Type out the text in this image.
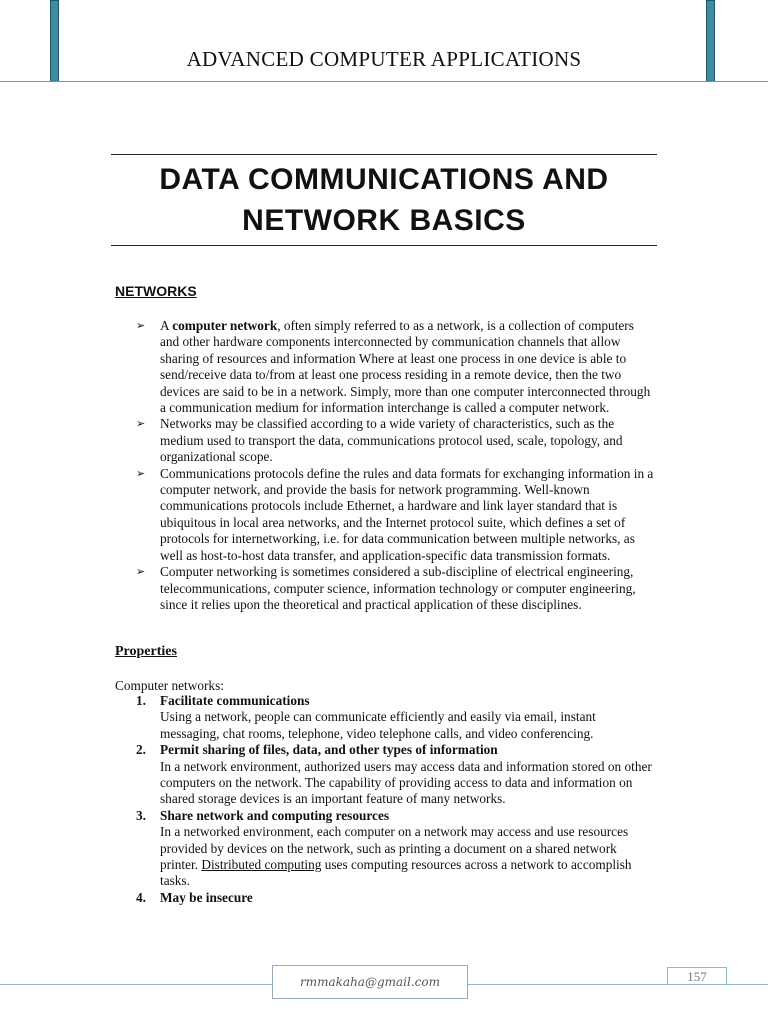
ADVANCED COMPUTER APPLICATIONS
DATA COMMUNICATIONS AND
NETWORK BASICS
NETWORKS
➢ A computer network, often simply referred to as a network, is a collection of computers and other hardware components interconnected by communication channels that allow sharing of resources and information Where at least one process in one device is able to send/receive data to/from at least one process residing in a remote device, then the two devices are said to be in a network. Simply, more than one computer interconnected through a communication medium for information interchange is called a computer network.
➢ Networks may be classified according to a wide variety of characteristics, such as the medium used to transport the data, communications protocol used, scale, topology, and organizational scope.
➢ Communications protocols define the rules and data formats for exchanging information in a computer network, and provide the basis for network programming. Well-known communications protocols include Ethernet, a hardware and link layer standard that is ubiquitous in local area networks, and the Internet protocol suite, which defines a set of protocols for internetworking, i.e. for data communication between multiple networks, as well as host-to-host data transfer, and application-specific data transmission formats.
➢ Computer networking is sometimes considered a sub-discipline of electrical engineering, telecommunications, computer science, information technology or computer engineering, since it relies upon the theoretical and practical application of these disciplines.
Properties
Computer networks:
1. Facilitate communications
Using a network, people can communicate efficiently and easily via email, instant messaging, chat rooms, telephone, video telephone calls, and video conferencing.
2. Permit sharing of files, data, and other types of information
In a network environment, authorized users may access data and information stored on other computers on the network. The capability of providing access to data and information on shared storage devices is an important feature of many networks.
3. Share network and computing resources
In a networked environment, each computer on a network may access and use resources provided by devices on the network, such as printing a document on a shared network printer. Distributed computing uses computing resources across a network to accomplish tasks.
4. May be insecure
rmmakaha@gmail.com	157
